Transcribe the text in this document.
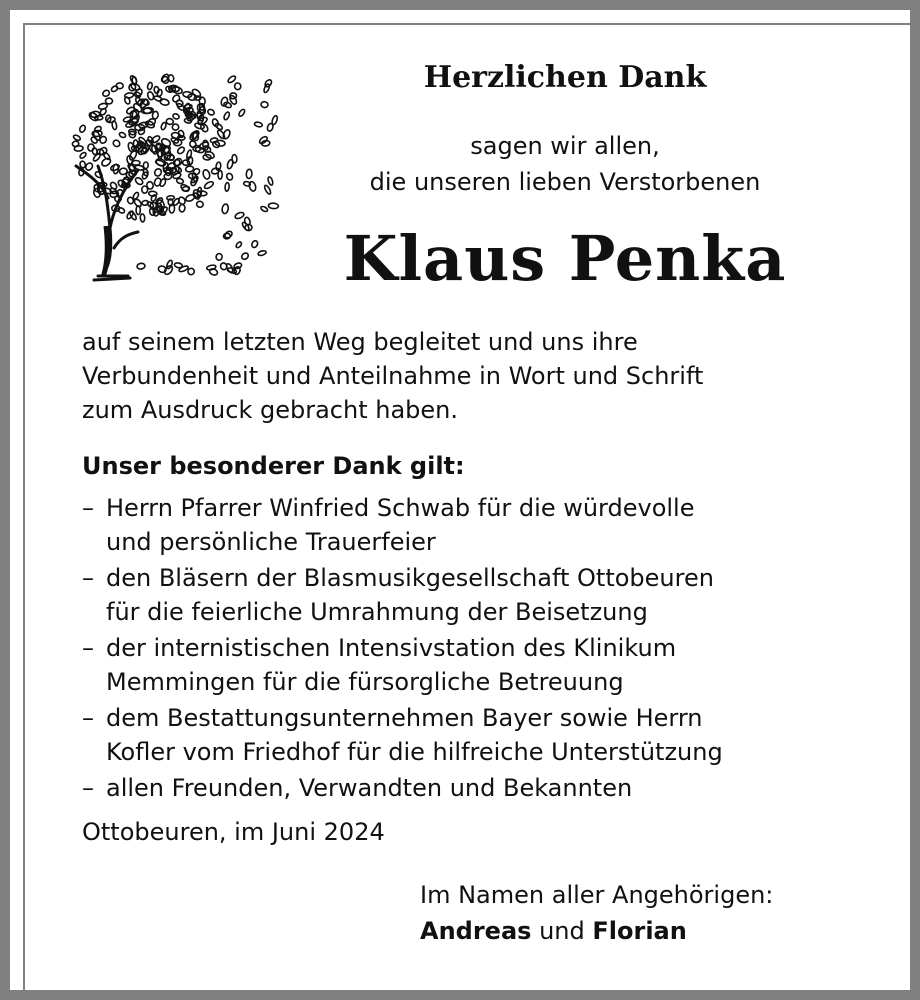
Herzlichen Dank
sagen wir allen,
die unseren lieben Verstorbenen
Klaus Penka
auf seinem letzten Weg begleitet und uns ihre
Verbundenheit und Anteilnahme in Wort und Schrift
zum Ausdruck gebracht haben.
Unser besonderer Dank gilt:
– Herrn Pfarrer Winfried Schwab für die würdevolle
und persönliche Trauerfeier
– den Bläsern der Blasmusikgesellschaft Ottobeuren
für die feierliche Umrahmung der Beisetzung
– der internistischen Intensivstation des Klinikum
Memmingen für die fürsorgliche Betreuung
– dem Bestattungsunternehmen Bayer sowie Herrn
Kofler vom Friedhof für die hilfreiche Unterstützung
– allen Freunden, Verwandten und Bekannten
Ottobeuren, im Juni 2024
Im Namen aller Angehörigen:
Andreas und Florian
